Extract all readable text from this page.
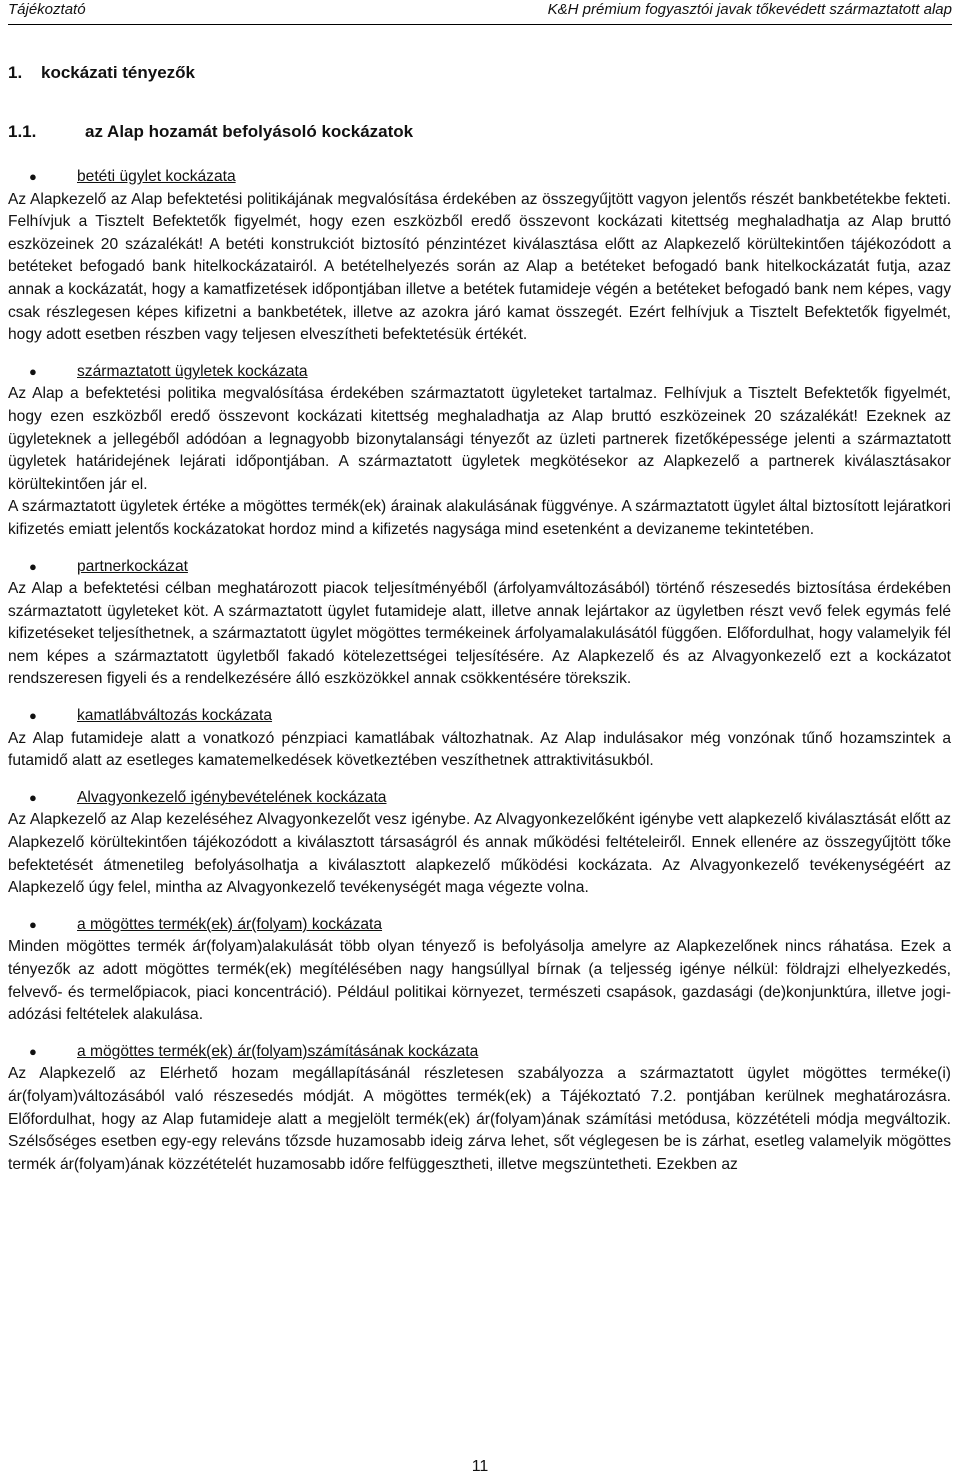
Tájékoztató	K&H prémium fogyasztói javak tőkevédett származtatott alap
1. kockázati tényezők
1.1.	az Alap hozamát befolyásoló kockázatok
●	betéti ügylet kockázata

Az Alapkezelő az Alap befektetési politikájának megvalósítása érdekében az összegyűjtött vagyon jelentős részét bankbetétekbe fekteti. Felhívjuk a Tisztelt Befektetők figyelmét, hogy ezen eszközből eredő összevont kockázati kitettség meghaladhatja az Alap bruttó eszközeinek 20 százalékát! A betéti konstrukciót biztosító pénzintézet kiválasztása előtt az Alapkezelő körültekintően tájékozódott a betéteket befogadó bank hitelkockázatairól. A betételhelyezés során az Alap a betéteket befogadó bank hitelkockázatát futja, azaz annak a kockázatát, hogy a kamatfizetések időpontjában illetve a betétek futamideje végén a betéteket befogadó bank nem képes, vagy csak részlegesen képes kifizetni a bankbetétek, illetve az azokra járó kamat összegét. Ezért felhívjuk a Tisztelt Befektetők figyelmét, hogy adott esetben részben vagy teljesen elveszítheti befektetésük értékét.

●	származtatott ügyletek kockázata

Az Alap a befektetési politika megvalósítása érdekében származtatott ügyleteket tartalmaz. Felhívjuk a Tisztelt Befektetők figyelmét, hogy ezen eszközből eredő összevont kockázati kitettség meghaladhatja az Alap bruttó eszközeinek 20 százalékát! Ezeknek az ügyleteknek a jellegéből adódóan a legnagyobb bizonytalansági tényezőt az üzleti partnerek fizetőképessége jelenti a származtatott ügyletek határidejének lejárati időpontjában. A származtatott ügyletek megkötésekor az Alapkezelő a partnerek kiválasztásakor körültekintően jár el.

A származtatott ügyletek értéke a mögöttes termék(ek) árainak alakulásának függvénye. A származtatott ügylet által biztosított lejáratkori kifizetés emiatt jelentős kockázatokat hordoz mind a kifizetés nagysága mind esetenként a devizaneme tekintetében.

●	partnerkockázat

Az Alap a befektetési célban meghatározott piacok teljesítményéből (árfolyamváltozásából) történő részesedés biztosítása érdekében származtatott ügyleteket köt. A származtatott ügylet futamideje alatt, illetve annak lejártakor az ügyletben részt vevő felek egymás felé kifizetéseket teljesíthetnek, a származtatott ügylet mögöttes termékeinek árfolyamalakulásától függően. Előfordulhat, hogy valamelyik fél nem képes a származtatott ügyletből fakadó kötelezettségei teljesítésére. Az Alapkezelő és az Alvagyonkezelő ezt a kockázatot rendszeresen figyeli és a rendelkezésére álló eszközökkel annak csökkentésére törekszik.

●	kamatlábváltozás kockázata

Az Alap futamideje alatt a vonatkozó pénzpiaci kamatlábak változhatnak. Az Alap indulásakor még vonzónak tűnő hozamszintek a futamidő alatt az esetleges kamatemelkedések következtében veszíthetnek attraktivitásukból.

●	Alvagyonkezelő igénybevételének kockázata

Az Alapkezelő az Alap kezeléséhez Alvagyonkezelőt vesz igénybe. Az Alvagyonkezelőként igénybe vett alapkezelő kiválasztását előtt az Alapkezelő körültekintően tájékozódott a kiválasztott társaságról és annak működési feltételeiről. Ennek ellenére az összegyűjtött tőke befektetését átmenetileg befolyásolhatja a kiválasztott alapkezelő működési kockázata. Az Alvagyonkezelő tevékenységéért az Alapkezelő úgy felel, mintha az Alvagyonkezelő tevékenységét maga végezte volna.

●	a mögöttes termék(ek) ár(folyam) kockázata

Minden mögöttes termék ár(folyam)alakulását több olyan tényező is befolyásolja amelyre az Alapkezelőnek nincs ráhatása. Ezek a tényezők az adott mögöttes termék(ek) megítélésében nagy hangsúllyal bírnak (a teljesség igénye nélkül: földrajzi elhelyezkedés, felvevő- és termelőpiacok, piaci koncentráció). Például politikai környezet, természeti csapások, gazdasági (de)konjunktúra, illetve jogi-adózási feltételek alakulása.

●	a mögöttes termék(ek) ár(folyam)számításának kockázata

Az Alapkezelő az Elérhető hozam megállapításánál részletesen szabályozza a származtatott ügylet mögöttes terméke(i) ár(folyam)változásából való részesedés módját. A mögöttes termék(ek) a Tájékoztató 7.2. pontjában kerülnek meghatározásra. Előfordulhat, hogy az Alap futamideje alatt a megjelölt termék(ek) ár(folyam)ának számítási metódusa, közzétételi módja megváltozik. Szélsőséges esetben egy-egy releváns tőzsde huzamosabb ideig zárva lehet, sőt véglegesen be is zárhat, esetleg valamelyik mögöttes termék ár(folyam)ának közzétételét huzamosabb időre felfüggesztheti, illetve megszüntetheti. Ezekben az

11
